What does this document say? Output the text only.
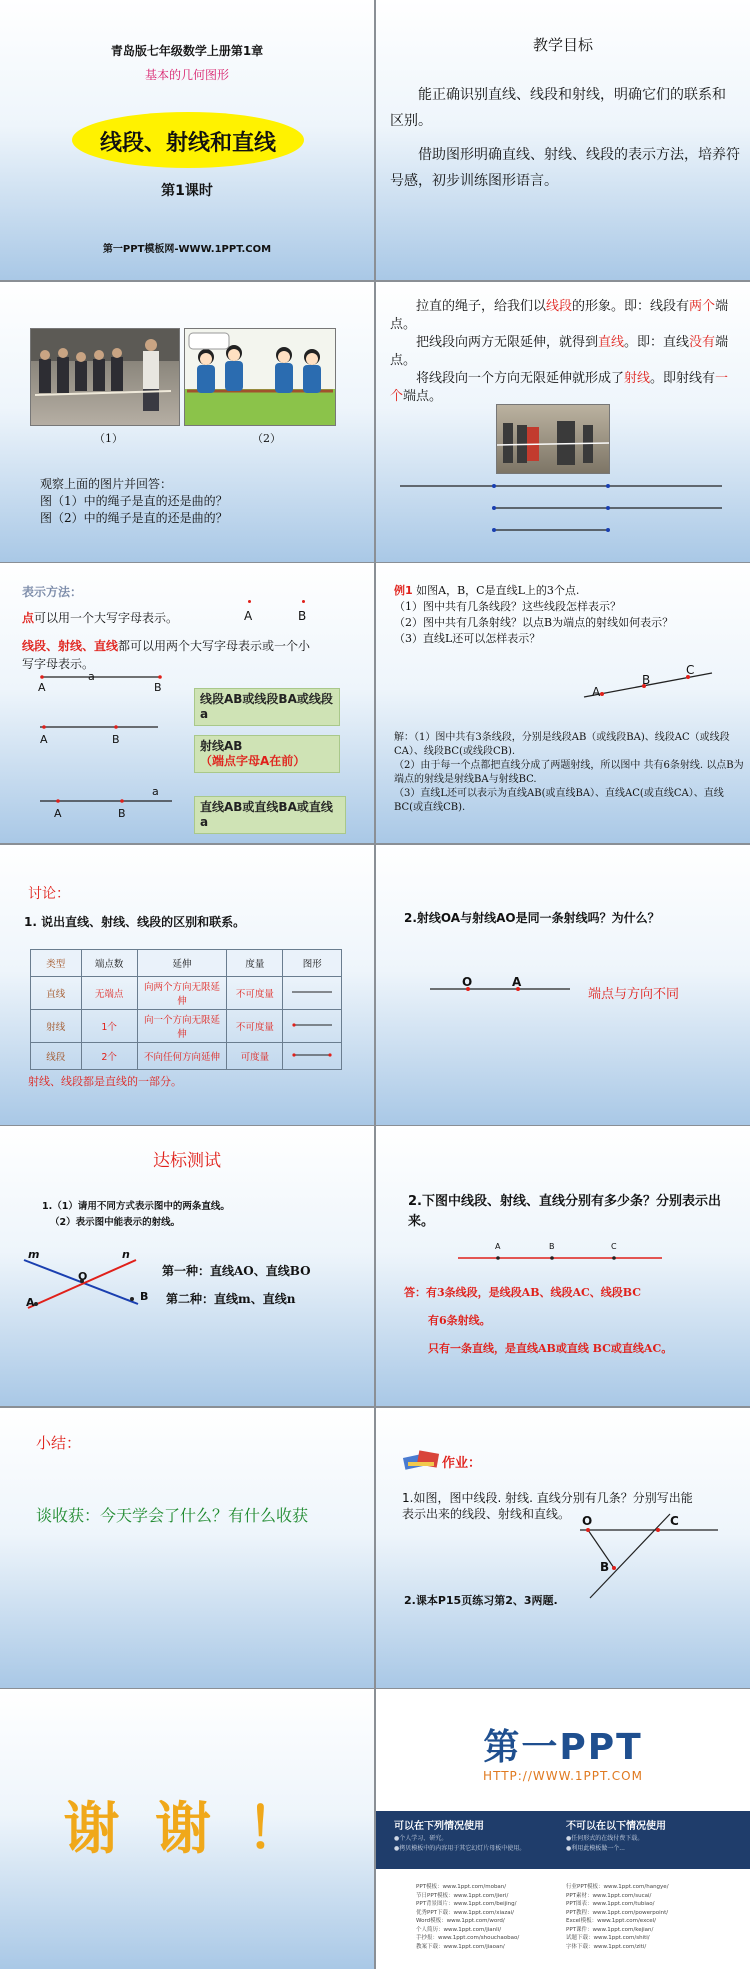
青岛版七年级数学上册第1章
基本的几何图形
线段、射线和直线
第1课时
第一PPT模板网-WWW.1PPT.COM
教学目标
能正确识别直线、线段和射线，明确它们的联系和区别。
借助图形明确直线、射线、线段的表示方法，培养符号感，初步训练图形语言。
（1）	（2）
观察上面的图片并回答：
图（1）中的绳子是直的还是曲的？
图（2）中的绳子是直的还是曲的？
拉直的绳子，给我们以线段的形象。即：线段有两个端点。
把线段向两方无限延伸，就得到直线。即：直线没有端点。
将线段向一个方向无限延伸就形成了射线。即射线有一个端点。
表示方法：
点可以用一个大写字母表示。	A	B
线段、射线、直线都可以用两个大写字母表示或一个小写字母表示。
A
a
B
A	B
a
A	B
线段AB或线段BA或线段a
射线AB
（端点字母A在前）
直线AB或直线BA或直线a
例1 如图A，B，C是直线L上的3个点.
（1）图中共有几条线段？这些线段怎样表示？
（2）图中共有几条射线？以点B为端点的射线如何表示？
（3）直线L还可以怎样表示？
A
B
C
解：（1）图中共有3条线段，分别是线段AB（或线段BA)、线段AC（或线段CA）、线段BC(或线段CB).
（2）由于每一个点都把直线分成了两题射线，所以图中 共有6条射线. 以点B为端点的射线是射线BA与射线BC.
（3）直线L还可以表示为直线AB(或直线BA）、直线AC(或直线CA）、直线BC(或直线CB).
讨论：
1. 说出直线、射线、线段的区别和联系。
类型	端点数	延伸	度量	图形
直线	无端点	向两个方向无限延伸	不可度量	
射线	1个	向一个方向无限延伸	不可度量	
线段	2个	不向任何方向延伸	可度量	
射线、线段都是直线的一部分。
2.射线OA与射线AO是同一条射线吗？为什么？
O	A
端点与方向不同
达标测试
1.（1）请用不同方式表示图中的两条直线。
（2）表示图中能表示的射线。
m	n
O
A	B
第一种：直线AO、直线BO
第二种：直线m、直线n
2.下图中线段、射线、直线分别有多少条？分别表示出来。
A	B	C
答：有3条线段，是线段AB、线段AC、线段BC
有6条射线。
只有一条直线，是直线AB或直线 BC或直线AC。
小结：
谈收获：今天学会了什么？有什么收获
作业：
1.如图，图中线段. 射线. 直线分别有几条？分别写出能表示出来的线段、射线和直线。 O	C
B
2.课本P15页练习第2、3两题.
谢 谢 ！
第一PPT
HTTP://WWW.1PPT.COM
可以在下列情况使用
●个人学习、研究。
●拷贝模板中的内容用于其它幻灯片母板中使用。
不可以在以下情况使用
●任何形式的在线付费下载。
●利用此模板做一个...
PPT模板：www.1ppt.com/moban/
节日PPT模板：www.1ppt.com/jieri/
PPT背景图片：www.1ppt.com/beijing/
优秀PPT下载：www.1ppt.com/xiazai/
Word模板：www.1ppt.com/word/
个人简历：www.1ppt.com/jianli/
手抄报：www.1ppt.com/shouchaobao/
教案下载：www.1ppt.com/jiaoan/
行业PPT模板：www.1ppt.com/hangye/
PPT素材：www.1ppt.com/sucai/
PPT图表：www.1ppt.com/tubiao/
PPT教程：www.1ppt.com/powerpoint/
Excel模板：www.1ppt.com/excel/
PPT课件：www.1ppt.com/kejian/
试题下载：www.1ppt.com/shiti/
字体下载：www.1ppt.com/ziti/
